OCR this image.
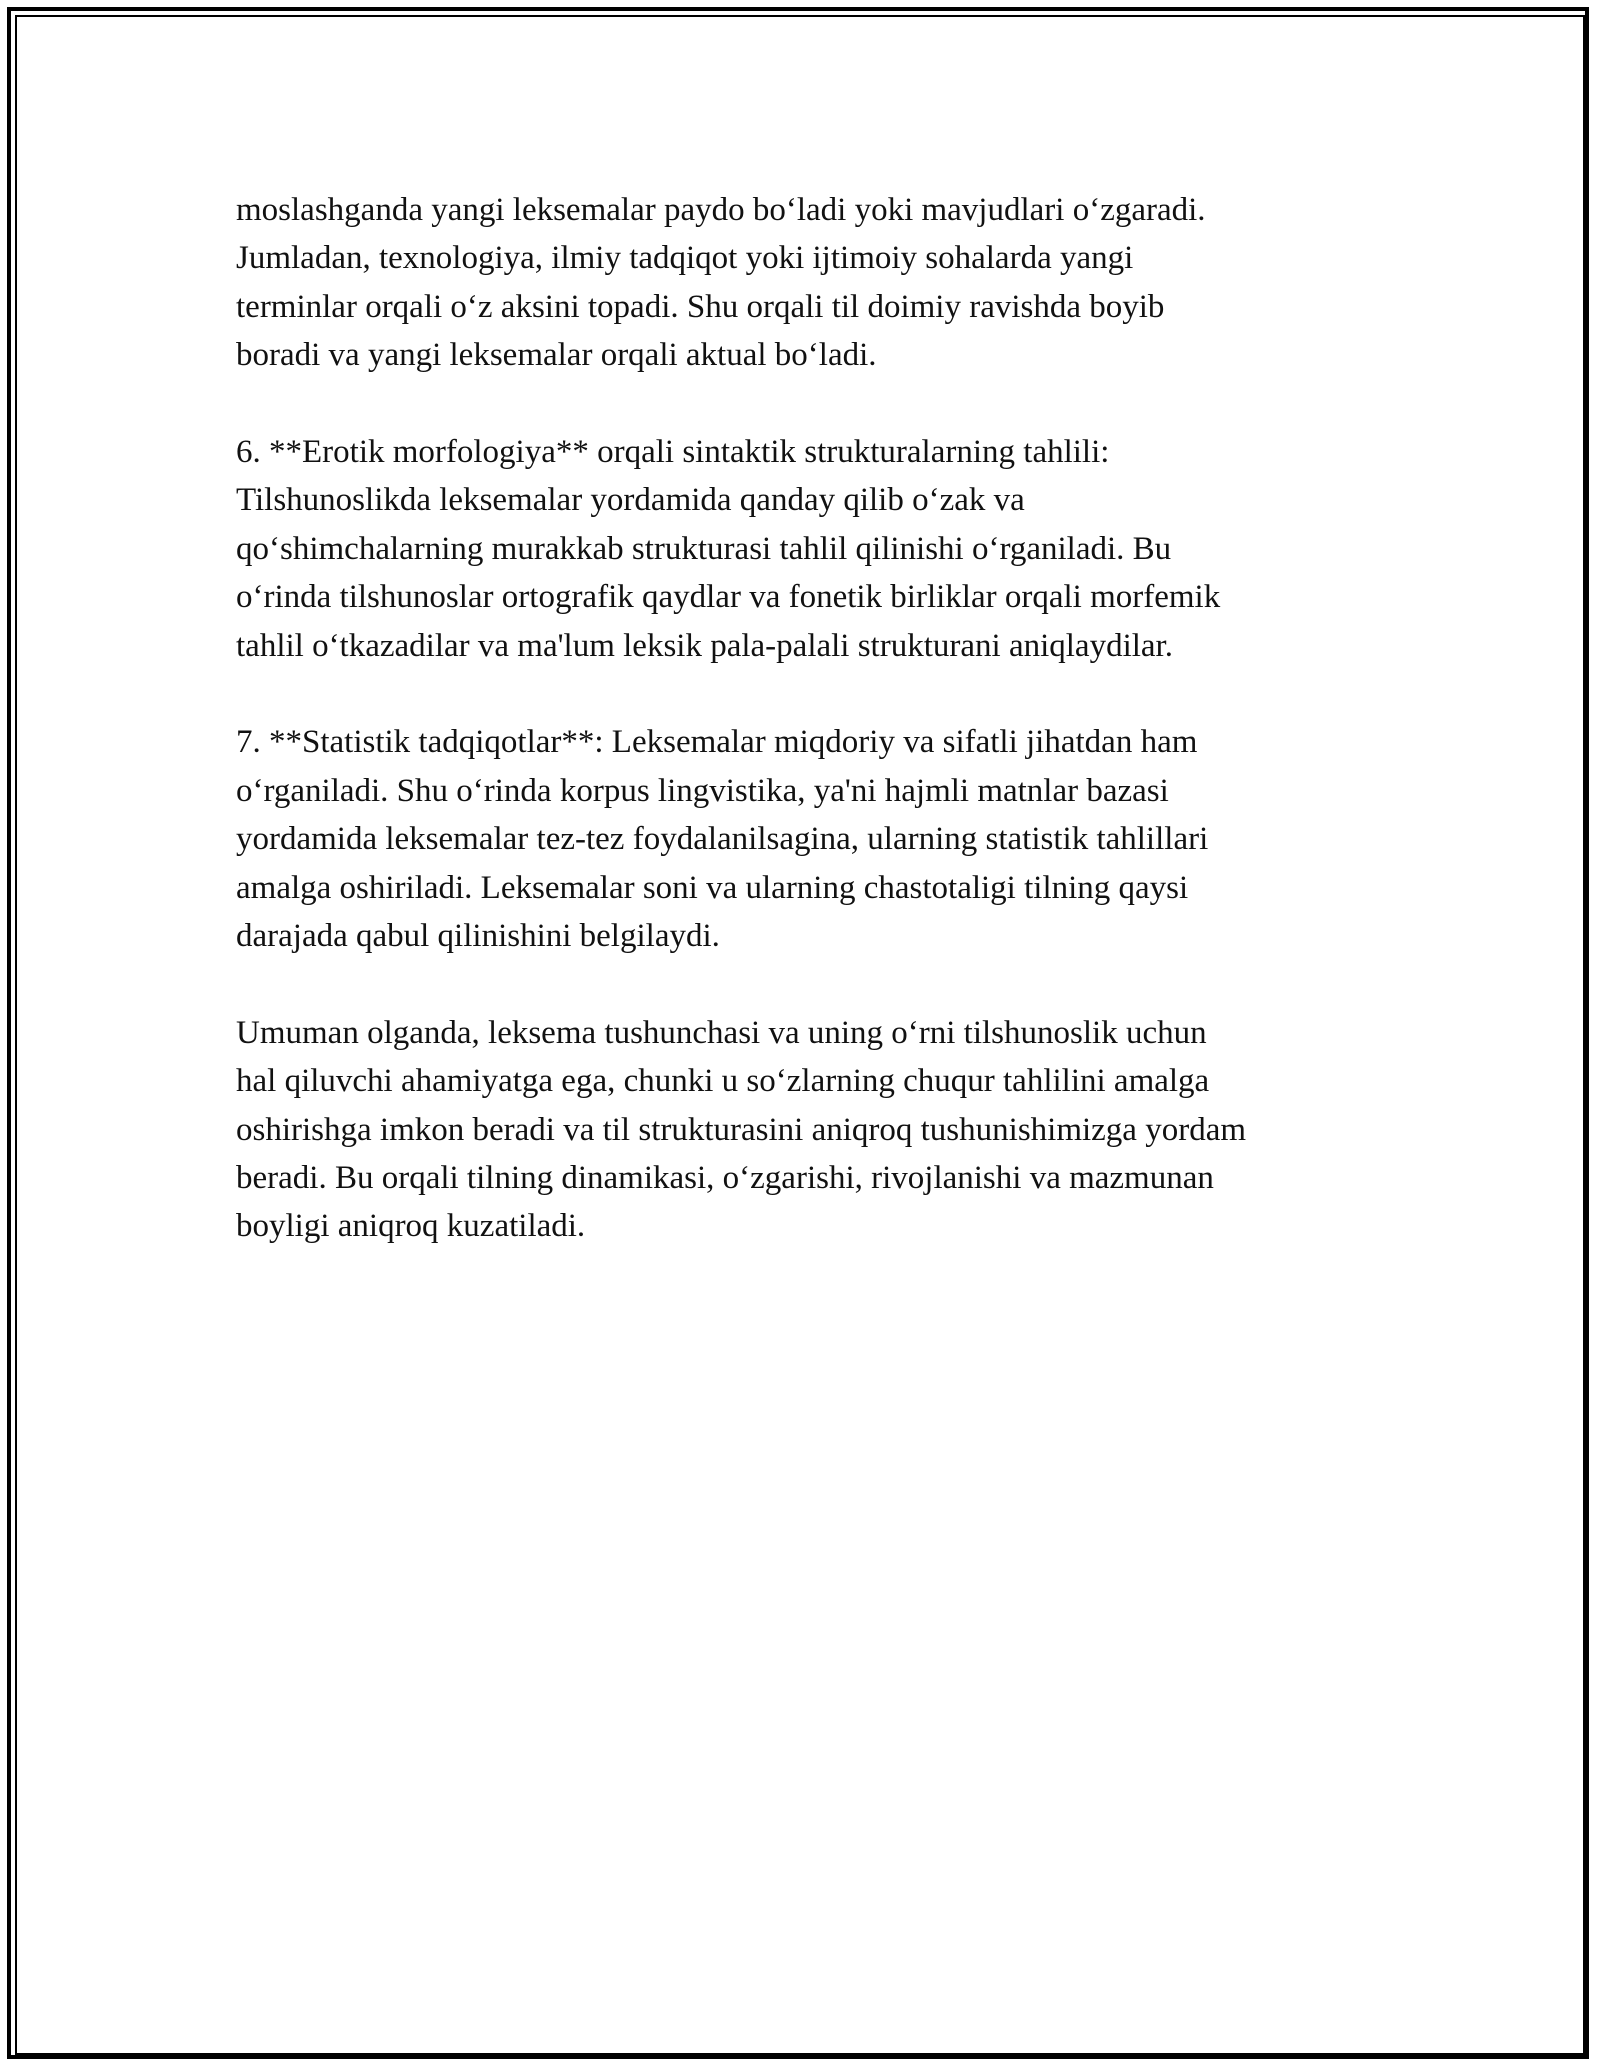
moslashganda yangi leksemalar paydo bo‘ladi yoki mavjudlari o‘zgaradi.
Jumladan, texnologiya, ilmiy tadqiqot yoki ijtimoiy sohalarda yangi
terminlar orqali o‘z aksini topadi. Shu orqali til doimiy ravishda boyib
boradi va yangi leksemalar orqali aktual bo‘ladi.

6. **Erotik morfologiya** orqali sintaktik strukturalarning tahlili:
Tilshunoslikda leksemalar yordamida qanday qilib o‘zak va
qo‘shimchalarning murakkab strukturasi tahlil qilinishi o‘rganiladi. Bu
o‘rinda tilshunoslar ortografik qaydlar va fonetik birliklar orqali morfemik
tahlil o‘tkazadilar va ma'lum leksik pala-palali strukturani aniqlaydilar.

7. **Statistik tadqiqotlar**: Leksemalar miqdoriy va sifatli jihatdan ham
o‘rganiladi. Shu o‘rinda korpus lingvistika, ya'ni hajmli matnlar bazasi
yordamida leksemalar tez-tez foydalanilsagina, ularning statistik tahlillari
amalga oshiriladi. Leksemalar soni va ularning chastotaligi tilning qaysi
darajada qabul qilinishini belgilaydi.

Umuman olganda, leksema tushunchasi va uning o‘rni tilshunoslik uchun
hal qiluvchi ahamiyatga ega, chunki u so‘zlarning chuqur tahlilini amalga
oshirishga imkon beradi va til strukturasini aniqroq tushunishimizga yordam
beradi. Bu orqali tilning dinamikasi, o‘zgarishi, rivojlanishi va mazmunan
boyligi aniqroq kuzatiladi.
